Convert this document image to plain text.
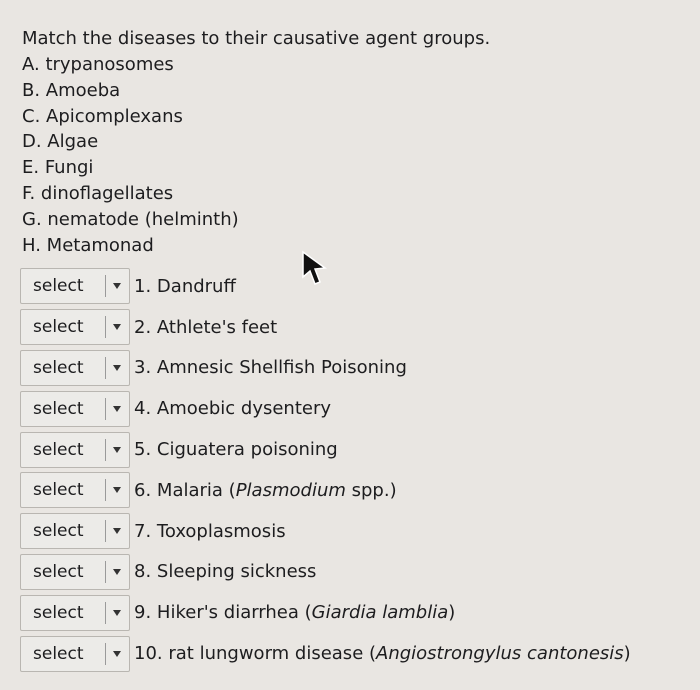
Match the diseases to their causative agent groups.

A. trypanosomes
B. Amoeba
C. Apicomplexans
D. Algae
E. Fungi
F. dinoflagellates
G. nematode (helminth)
H. Metamonad
select	1. Dandruff
select	2. Athlete's feet
select	3. Amnesic Shellfish Poisoning
select	4. Amoebic dysentery
select	5. Ciguatera poisoning
select	6. Malaria (Plasmodium spp.)
select	7. Toxoplasmosis
select	8. Sleeping sickness
select	9. Hiker's diarrhea (Giardia lamblia)
select	10. rat lungworm disease (Angiostrongylus cantonesis)
